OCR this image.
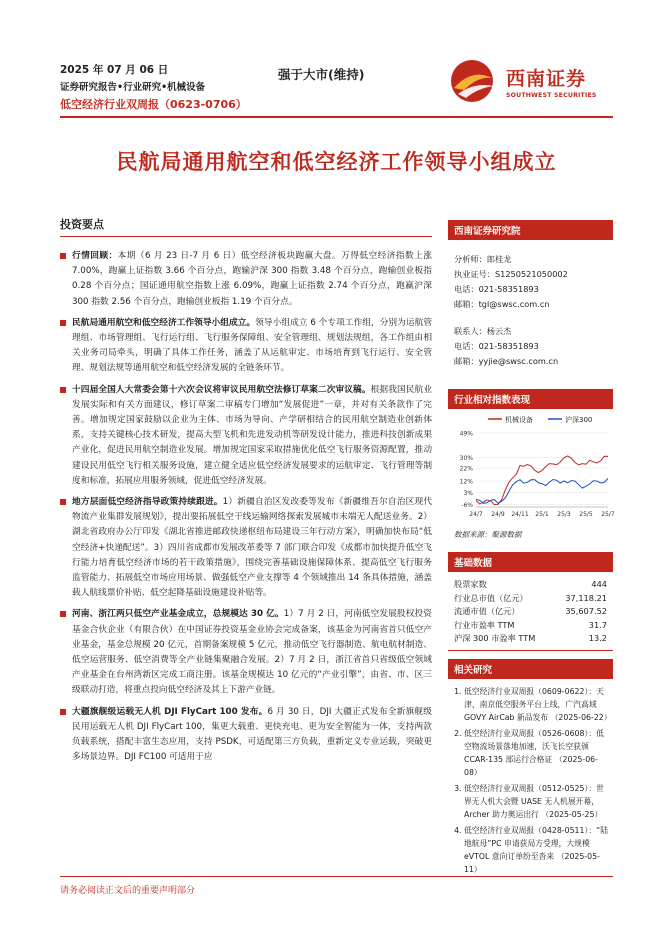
2025 年 07 月 06 日
证券研究报告•行业研究•机械设备
低空经济行业双周报（0623-0706）
强于大市(维持)	西南证券
SOUTHWEST SECURITIES
民航局通用航空和低空经济工作领导小组成立
投资要点
行情回顾：本期（6 月 23 日-7 月 6 日）低空经济板块跑赢大盘。万得低空经济指数上涨 7.00%，跑赢上证指数 3.66 个百分点，跑输沪深 300 指数 3.48 个百分点，跑输创业板指 0.28 个百分点；国证通用航空指数上涨 6.09%，跑赢上证指数 2.74 个百分点，跑赢沪深 300 指数 2.56 个百分点，跑输创业板指 1.19 个百分点。
民航局通用航空和低空经济工作领导小组成立。领导小组成立 6 个专项工作组，分别为运航管理组、市场管理组、飞行运行组、飞行服务保障组、安全管理组、规划法规组，各工作组由相关业务司局牵头，明确了具体工作任务，涵盖了从运航审定、市场培育到飞行运行、安全管理、规划法规等通用航空和低空经济发展的全链条环节。
十四届全国人大常委会第十六次会议将审议民用航空法修订草案二次审议稿。根据我国民航业发展实际和有关方面建议，修订草案二审稿专门增加“发展促进”一章，并对有关条款作了完善。增加规定国家鼓励以企业为主体、市场为导向、产学研相结合的民用航空制造业创新体系，支持关键核心技术研发，提高大型飞机和先进发动机等研发设计能力，推进科技创新成果产业化，促进民用航空制造业发展。增加规定国家采取措施优化低空飞行服务资源配置，推动建设民用低空飞行相关服务设施，建立健全适应低空经济发展要求的运航审定、飞行管理等制度和标准，拓展应用服务领域，促进低空经济发展。
地方层面低空经济指导政策持续跟进。1）新疆自治区发改委等发布《新疆维吾尔自治区现代物流产业集群发展规划》，提出要拓展低空干线运输网络探索发展城市末端无人配送业务。2）湖北省政府办公厅印发《湖北省推进邮政快递枢纽布局建设三年行动方案》，明确加快布局“低空经济+快递配送”。3）四川省成都市发展改革委等 7 部门联合印发《成都市加快提升低空飞行能力培育低空经济市场的若干政策措施》，围绕完善基础设施保障体系、提高低空飞行服务监管能力、拓展低空市场应用场景、做强低空产业支撑等 4 个领域推出 14 条具体措施，涵盖载人航线票价补贴、低空起降基础设施建设补贴等。
河南、浙江两只低空产业基金成立，总规模达 30 亿。1）7 月 2 日，河南低空发展股权投资基金合伙企业（有限合伙）在中国证券投资基金业协会完成备案，该基金为河南省首只低空产业基金，基金总规模 20 亿元，首期备案规模 5 亿元，推动低空飞行器制造、航电航材制造、低空运营服务、低空消费等全产业链集聚融合发展。2）7 月 2 日，浙江省首只省级低空领域产业基金在台州湾新区完成工商注册。该基金规模达 10 亿元的“产业引擎”，由省、市、区三级联动打造，将重点投向低空经济及其上下游产业链。
大疆旗舰级运载无人机 DJI FlyCart 100 发布。6 月 30 日，DJI 大疆正式发布全新旗舰级民用运载无人机 DJI FlyCart 100，集更大载重、更快充电、更为安全智能为一体，支持两款负载系统，搭配丰富生态应用，支持 PSDK，可适配第三方负载，重新定义专业运载，突破更多场景边界。DJI FC100 可适用于应
西南证券研究院
分析师：郎桂龙
执业证号：S1250521050002
电话：021-58351893
邮箱：tgl@swsc.com.cn
联系人：杨云杰
电话：021-58351893
邮箱：yyjie@swsc.com.cn
行业相对指数表现
机械设备	沪深300
49%
30%
22%
12%
3%
-6%
24/7 24/9 24/11 25/1 25/3 25/5 25/7
数据来源：聚源数据
基础数据
股票家数	444
行业总市值（亿元）	37,118.21
流通市值（亿元）	35,607.52
行业市盈率 TTM	31.7
沪深 300 市盈率 TTM	13.2
相关研究
1. 低空经济行业双周报（0609-0622）：天津、南京低空服务平台上线，广汽高域 GOVY AirCab 新品发布 （2025-06-22）
2. 低空经济行业双周报（0526-0608）：低空物流场景落地加速，沃飞长空获颁 CCAR-135 部运行合格证 （2025-06-08）
3. 低空经济行业双周报（0512-0525）：世界无人机大会暨 UASE 无人机展开幕，Archer 助力奥运出行 （2025-05-25）
4. 低空经济行业双周报（0428-0511）：“陆地航母”PC 申请获局方受理，大规模 eVTOL 意向订单纷至沓来 （2025-05-11）
请务必阅读正文后的重要声明部分
